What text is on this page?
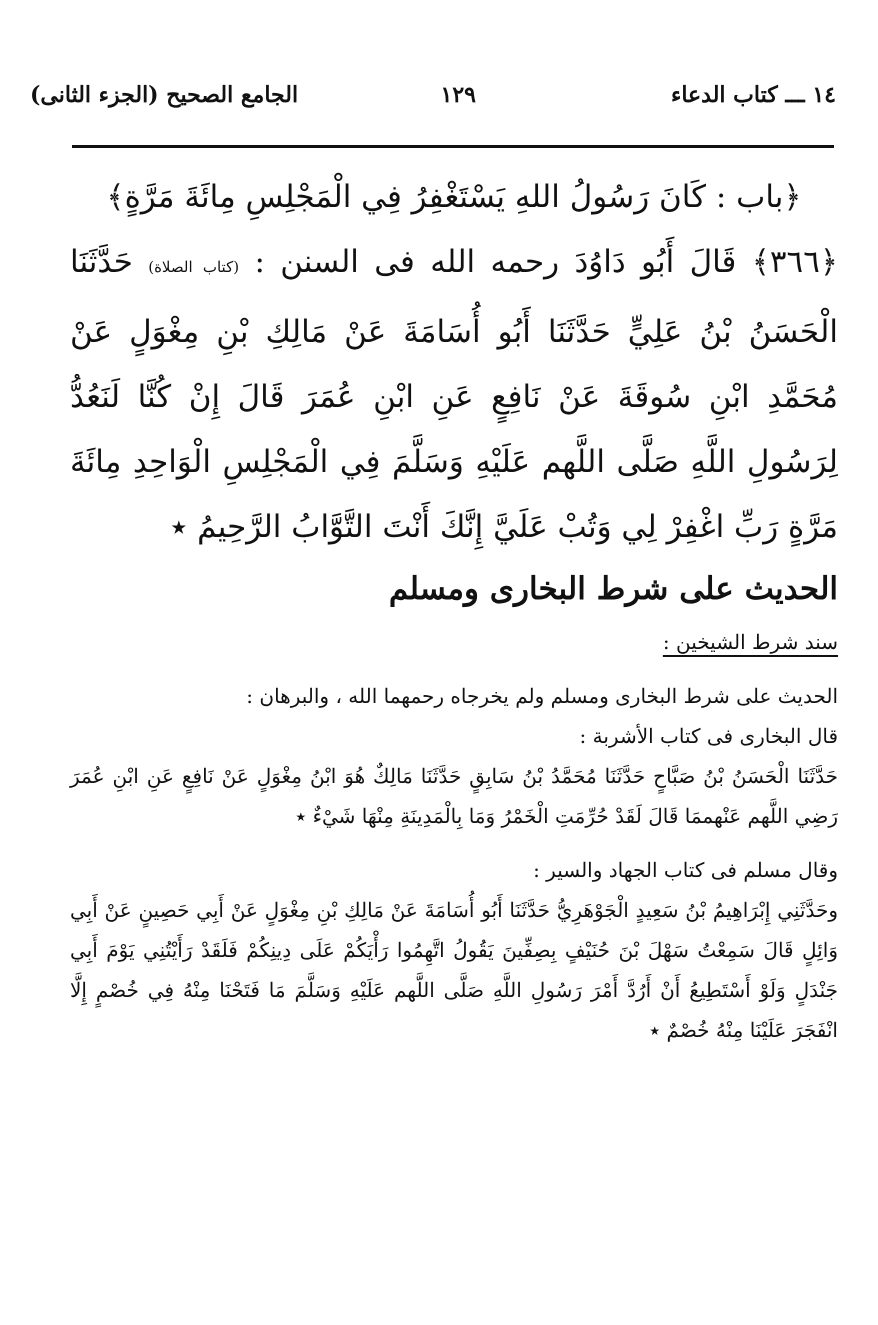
١٤ ـــ كتاب الدعاء
١٢٩
الجامع الصحيح (الجزء الثانى)

﴿باب : كَانَ رَسُولُ اللهِ يَسْتَغْفِرُ فِي الْمَجْلِسِ مِائَةَ مَرَّةٍ﴾

﴿٣٦٦﴾ قَالَ أَبُو دَاوُدَ رحمه الله فى السنن : (كتاب الصلاة) حَدَّثَنَا الْحَسَنُ بْنُ عَلِيٍّ حَدَّثَنَا أَبُو أُسَامَةَ عَنْ مَالِكِ بْنِ مِغْوَلٍ عَنْ مُحَمَّدِ ابْنِ سُوقَةَ عَنْ نَافِعٍ عَنِ ابْنِ عُمَرَ قَالَ إِنْ كُنَّا لَنَعُدُّ لِرَسُولِ اللَّهِ صَلَّى اللَّهم عَلَيْهِ وَسَلَّمَ فِي الْمَجْلِسِ الْوَاحِدِ مِائَةَ مَرَّةٍ رَبِّ اغْفِرْ لِي وَتُبْ عَلَيَّ إِنَّكَ أَنْتَ التَّوَّابُ الرَّحِيمُ ٭

الحديث على شرط البخارى ومسلم

سند شرط الشيخين :

الحديث على شرط البخارى ومسلم ولم يخرجاه رحمهما الله ، والبرهان :

قال البخارى فى كتاب الأشربة :

حَدَّثَنَا الْحَسَنُ بْنُ صَبَّاحٍ حَدَّثَنَا مُحَمَّدُ بْنُ سَابِقٍ حَدَّثَنَا مَالِكٌ هُوَ ابْنُ مِغْوَلٍ عَنْ نَافِعٍ عَنِ ابْنِ عُمَرَ رَضِي اللَّهم عَنْهممَا قَالَ لَقَدْ حُرِّمَتِ الْخَمْرُ وَمَا بِالْمَدِينَةِ مِنْهَا شَيْءٌ ٭

وقال مسلم فى كتاب الجهاد والسير :

وحَدَّثَنِي إِبْرَاهِيمُ بْنُ سَعِيدٍ الْجَوْهَرِيُّ حَدَّثَنَا أَبُو أُسَامَةَ عَنْ مَالِكِ بْنِ مِغْوَلٍ عَنْ أَبِي حَصِينٍ عَنْ أَبِي وَائِلٍ قَالَ سَمِعْتُ سَهْلَ بْنَ حُنَيْفٍ بِصِفِّينَ يَقُولُ اتَّهِمُوا رَأْيَكُمْ عَلَى دِينِكُمْ فَلَقَدْ رَأَيْتُنِي يَوْمَ أَبِي جَنْدَلٍ وَلَوْ أَسْتَطِيعُ أَنْ أَرُدَّ أَمْرَ رَسُولِ اللَّهِ صَلَّى اللَّهم عَلَيْهِ وَسَلَّمَ مَا فَتَحْنَا مِنْهُ فِي خُصْمٍ إِلَّا انْفَجَرَ عَلَيْنَا مِنْهُ خُصْمٌ ٭
